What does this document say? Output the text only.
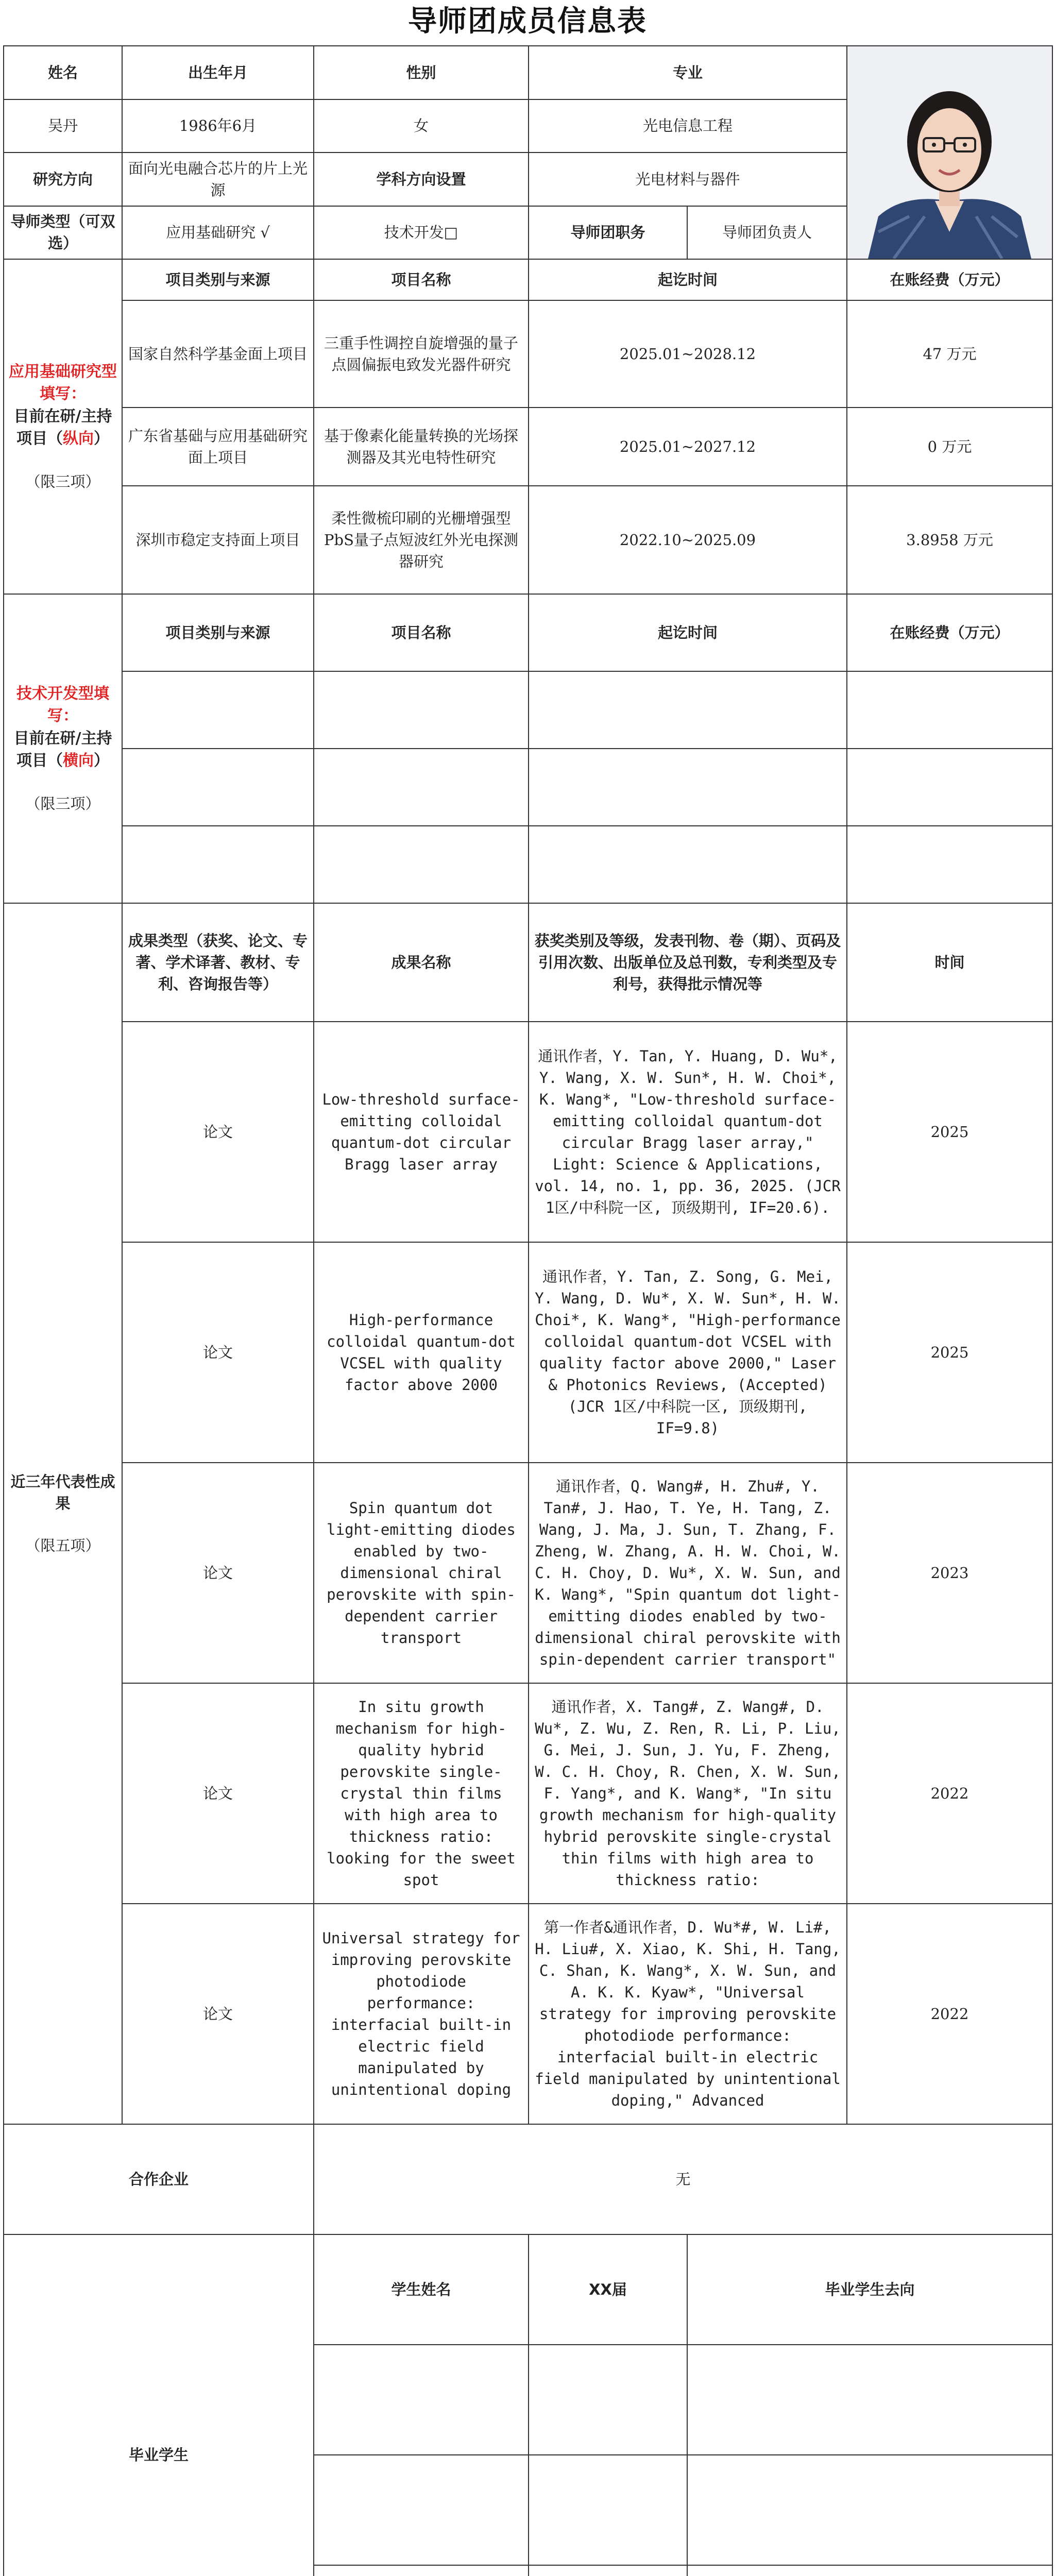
导师团成员信息表
姓名	出生年月	性别	专业	

吴丹	1986年6月	女	光电信息工程		
研究方向	面向光电融合芯片的片上光源	学科方向设置	光电材料与器件		
导师类型（可双选）	应用基础研究 √	技术开发□	导师团职务	导师团负责人	

应用基础研究型填写：
目前在研/主持项目（纵向）
（限三项）	项目类别与来源	项目名称	起讫时间		在账经费（万元）
	国家自然科学基金面上项目	三重手性调控自旋增强的量子点圆偏振电致发光器件研究	2025.01~2028.12		47 万元
	广东省基础与应用基础研究面上项目	基于像素化能量转换的光场探测器及其光电特性研究	2025.01~2027.12		0 万元
	深圳市稳定支持面上项目	柔性微梳印刷的光栅增强型PbS量子点短波红外光电探测器研究	2022.10~2025.09		3.8958 万元

技术开发型填写：
目前在研/主持项目（横向）
（限三项）	项目类别与来源	项目名称	起讫时间		在账经费（万元）

近三年代表性成果
（限五项）	成果类型（获奖、论文、专著、学术译著、教材、专利、咨询报告等）	成果名称	获奖类别及等级，发表刊物、卷（期）、页码及引用次数、出版单位及总刊数，专利类型及专利号，获得批示情况等		时间
	论文	Low-threshold surface-emitting colloidal quantum-dot circular Bragg laser array	通讯作者，Y. Tan, Y. Huang, D. Wu*, Y. Wang, X. W. Sun*, H. W. Choi*, K. Wang*, "Low-threshold surface-emitting colloidal quantum-dot circular Bragg laser array," Light: Science & Applications, vol. 14, no. 1, pp. 36, 2025. (JCR 1区/中科院一区, 顶级期刊, IF=20.6).		2025
	论文	High-performance colloidal quantum-dot VCSEL with quality factor above 2000	通讯作者，Y. Tan, Z. Song, G. Mei, Y. Wang, D. Wu*, X. W. Sun*, H. W. Choi*, K. Wang*, "High-performance colloidal quantum-dot VCSEL with quality factor above 2000," Laser & Photonics Reviews, (Accepted)(JCR 1区/中科院一区, 顶级期刊, IF=9.8)		2025
	论文	Spin quantum dot light-emitting diodes enabled by two-dimensional chiral perovskite with spin-dependent carrier transport	通讯作者，Q. Wang#, H. Zhu#, Y. Tan#, J. Hao, T. Ye, H. Tang, Z. Wang, J. Ma, J. Sun, T. Zhang, F. Zheng, W. Zhang, A. H. W. Choi, W. C. H. Choy, D. Wu*, X. W. Sun, and K. Wang*, "Spin quantum dot light-emitting diodes enabled by two-dimensional chiral perovskite with spin-dependent carrier transport"		2023
	论文	In situ growth mechanism for high-quality hybrid perovskite single-crystal thin films with high area to thickness ratio: looking for the sweet spot	通讯作者，X. Tang#, Z. Wang#, D. Wu*, Z. Wu, Z. Ren, R. Li, P. Liu, G. Mei, J. Sun, J. Yu, F. Zheng, W. C. H. Choy, R. Chen, X. W. Sun, F. Yang*, and K. Wang*, "In situ growth mechanism for high-quality hybrid perovskite single-crystal thin films with high area to thickness ratio:		2022
	论文	Universal strategy for improving perovskite photodiode performance: interfacial built-in electric field manipulated by unintentional doping	第一作者&通讯作者，D. Wu*#, W. Li#, H. Liu#, X. Xiao, K. Shi, H. Tang, C. Shan, K. Wang*, X. W. Sun, and A. K. K. Kyaw*, "Universal strategy for improving perovskite photodiode performance: interfacial built-in electric field manipulated by unintentional doping," Advanced		2022
合作企业		无			
毕业学生		学生姓名	XX届	毕业学生去向	
